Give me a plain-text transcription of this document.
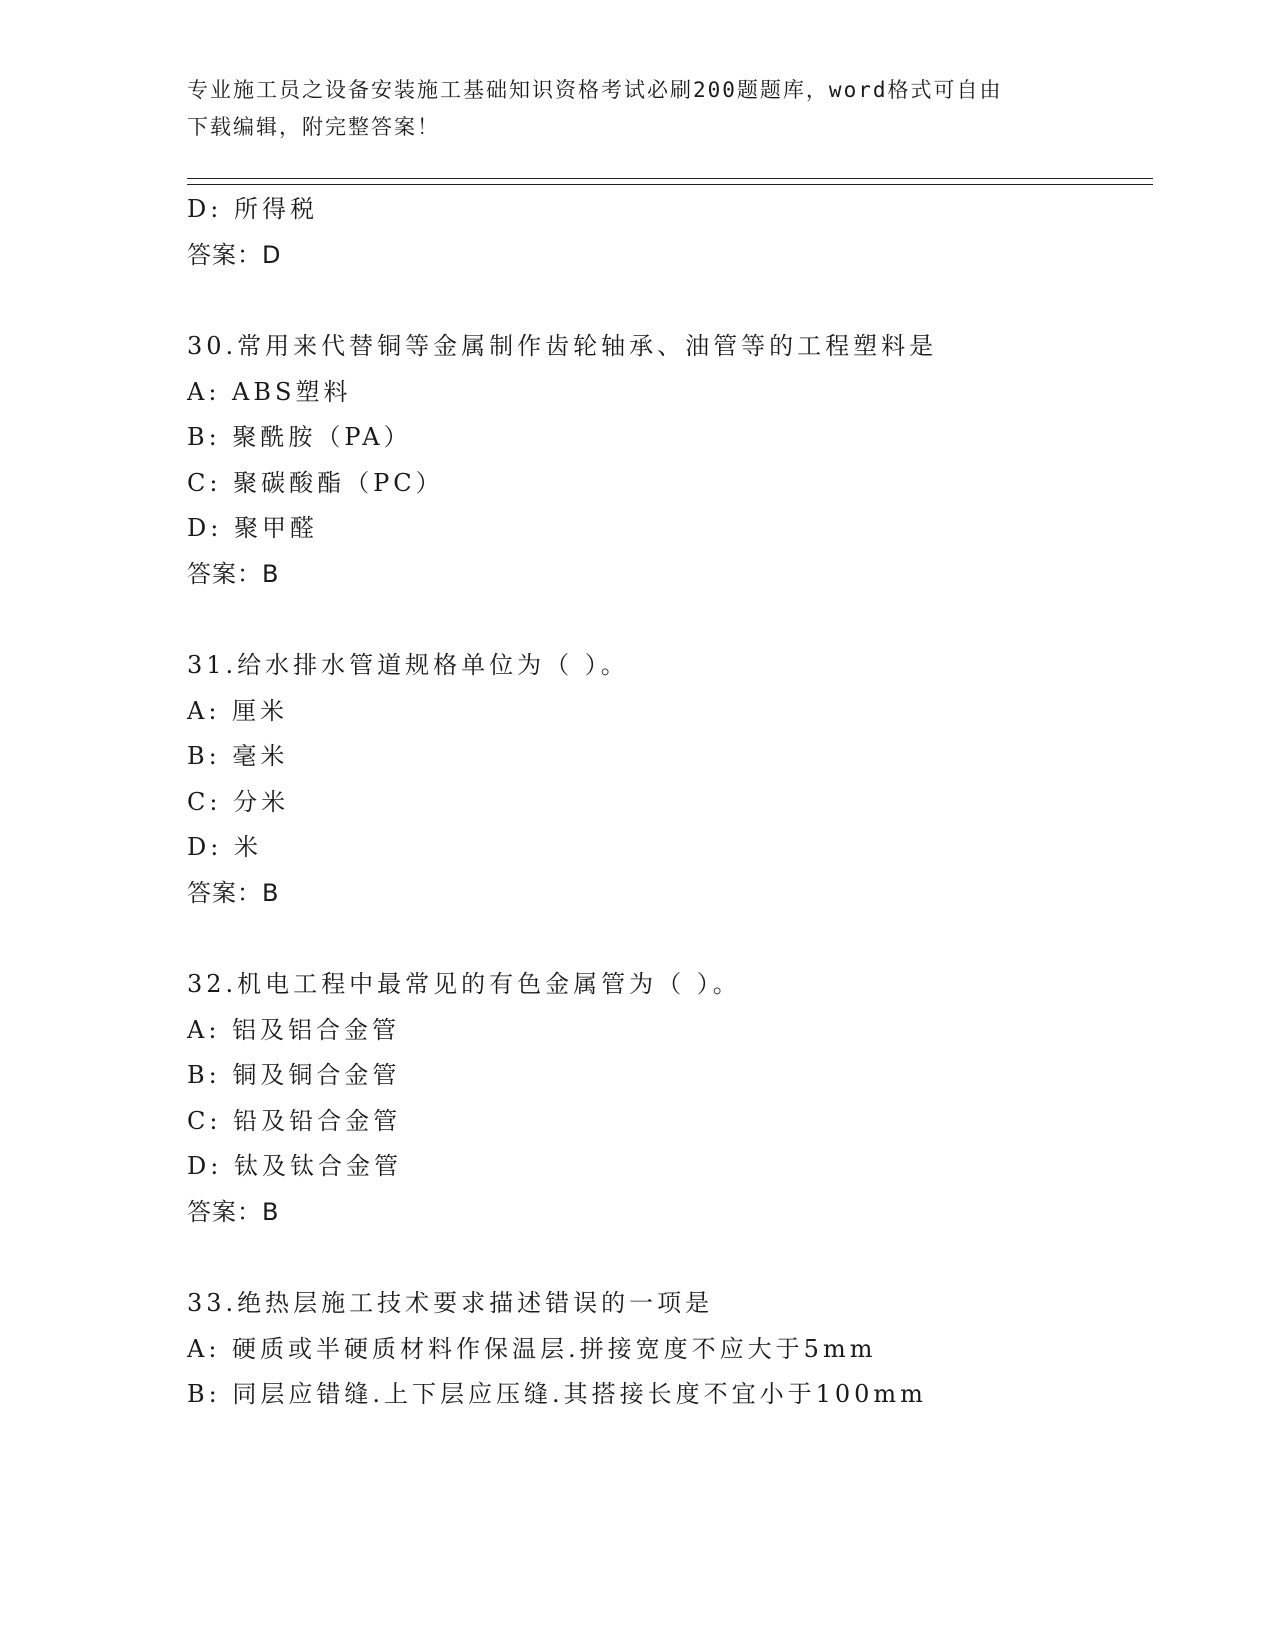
专业施工员之设备安装施工基础知识资格考试必刷200题题库，word格式可自由
下载编辑，附完整答案！
D: 所得税
答案：D
30.常用来代替铜等金属制作齿轮轴承、油管等的工程塑料是
A: ABS塑料
B: 聚酰胺（PA）
C: 聚碳酸酯（PC）
D: 聚甲醛
答案：B
31.给水排水管道规格单位为（ ）。
A: 厘米
B: 毫米
C: 分米
D: 米
答案：B
32.机电工程中最常见的有色金属管为（ ）。
A: 铝及铝合金管
B: 铜及铜合金管
C: 铅及铅合金管
D: 钛及钛合金管
答案：B
33.绝热层施工技术要求描述错误的一项是
A: 硬质或半硬质材料作保温层.拼接宽度不应大于5mm
B: 同层应错缝.上下层应压缝.其搭接长度不宜小于100mm
